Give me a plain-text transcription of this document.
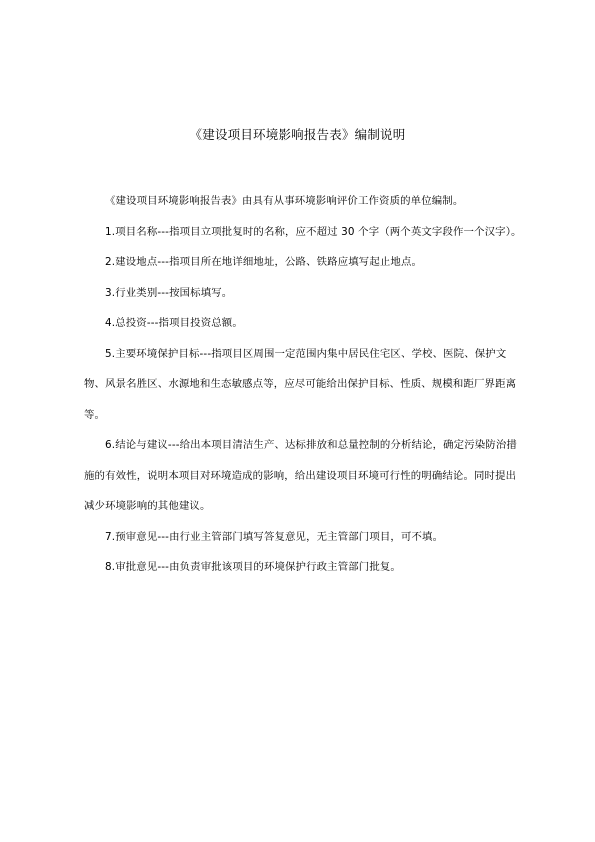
《建设项目环境影响报告表》编制说明

《建设项目环境影响报告表》由具有从事环境影响评价工作资质的单位编制。

1.项目名称---指项目立项批复时的名称，应不超过 30 个字（两个英文字段作一个汉字）。

2.建设地点---指项目所在地详细地址，公路、铁路应填写起止地点。

3.行业类别---按国标填写。

4.总投资---指项目投资总额。

5.主要环境保护目标---指项目区周围一定范围内集中居民住宅区、学校、医院、保护文物、风景名胜区、水源地和生态敏感点等，应尽可能给出保护目标、性质、规模和距厂界距离等。

6.结论与建议---给出本项目清洁生产、达标排放和总量控制的分析结论，确定污染防治措施的有效性，说明本项目对环境造成的影响，给出建设项目环境可行性的明确结论。同时提出减少环境影响的其他建议。

7.预审意见---由行业主管部门填写答复意见，无主管部门项目，可不填。

8.审批意见---由负责审批该项目的环境保护行政主管部门批复。
